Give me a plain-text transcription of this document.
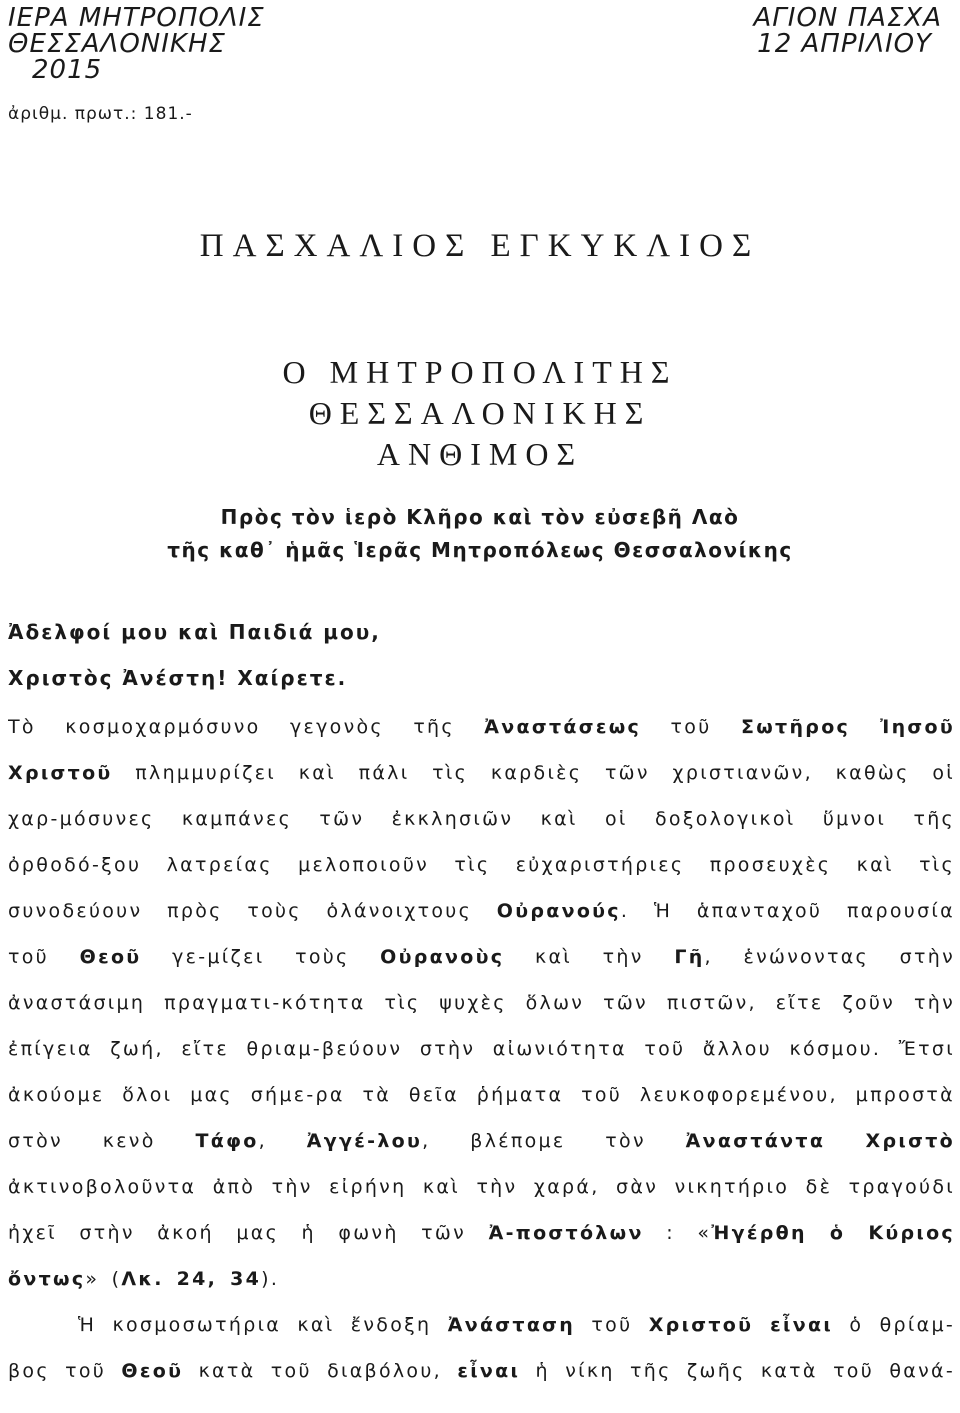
ΙΕΡΑ ΜΗΤΡΟΠΟΛΙΣ
ΘΕΣΣΑΛΟΝΙΚΗΣ
2015
ΑΓΙΟΝ ΠΑΣΧΑ
12 ΑΠΡΙΛΙΟΥ
ἀριθμ. πρωτ.: 181.-
ΠΑΣΧΑΛΙΟΣ ΕΓΚΥΚΛΙΟΣ
Ο ΜΗΤΡΟΠΟΛΙΤΗΣ
ΘΕΣΣΑΛΟΝΙΚΗΣ
ΑΝΘΙΜΟΣ
Πρὸς τὸν ἱερὸ Κλῆρο καὶ τὸν εὐσεβῆ Λαὸ
τῆς καθ᾽ ἡμᾶς Ἱερᾶς Μητροπόλεως Θεσσαλονίκης
Ἀδελφοί μου καὶ Παιδιά μου,
Χριστὸς Ἀνέστη! Χαίρετε.
Τὸ κοσμοχαρμόσυνο γεγονὸς τῆς Ἀναστάσεως τοῦ Σωτῆρος Ἰησοῦ
Χριστοῦ πλημμυρίζει καὶ πάλι τὶς καρδιὲς τῶν χριστιανῶν, καθὼς οἱ
χαρ-μόσυνες καμπάνες τῶν ἐκκλησιῶν καὶ οἱ δοξολογικοὶ ὕμνοι τῆς
ὀρθοδό-ξου λατρείας μελοποιοῦν τὶς εὐχαριστήριες προσευχὲς καὶ τὶς
συνοδεύουν πρὸς τοὺς ὁλάνοιχτους Οὐρανούς. Ἡ ἁπανταχοῦ παρουσία
τοῦ Θεοῦ γε-μίζει τοὺς Οὐρανοὺς καὶ τὴν Γῆ, ἑνώνοντας στὴν
ἀναστάσιμη πραγματι-κότητα τὶς ψυχὲς ὅλων τῶν πιστῶν, εἴτε ζοῦν τὴν
ἐπίγεια ζωή, εἴτε θριαμ-βεύουν στὴν αἰωνιότητα τοῦ ἄλλου κόσμου. Ἔτσι
ἀκούομε ὅλοι μας σήμε-ρα τὰ θεῖα ῥήματα τοῦ λευκοφορεμένου, μπροστὰ
στὸν κενὸ Τάφο, Ἀγγέ-λου, βλέπομε τὸν Ἀναστάντα Χριστὸ
ἀκτινοβολοῦντα ἀπὸ τὴν εἰρήνη καὶ τὴν χαρά, σὰν νικητήριο δὲ τραγούδι
ἠχεῖ στὴν ἀκοή μας ἡ φωνὴ τῶν Ἀ-ποστόλων : «Ἠγέρθη ὁ Κύριος
ὄντως» (Λκ. 24, 34).
Ἡ κοσμοσωτήρια καὶ ἔνδοξη Ἀνάσταση τοῦ Χριστοῦ εἶναι ὁ θρίαμ-
βος τοῦ Θεοῦ κατὰ τοῦ διαβόλου, εἶναι ἡ νίκη τῆς ζωῆς κατὰ τοῦ θανά-
